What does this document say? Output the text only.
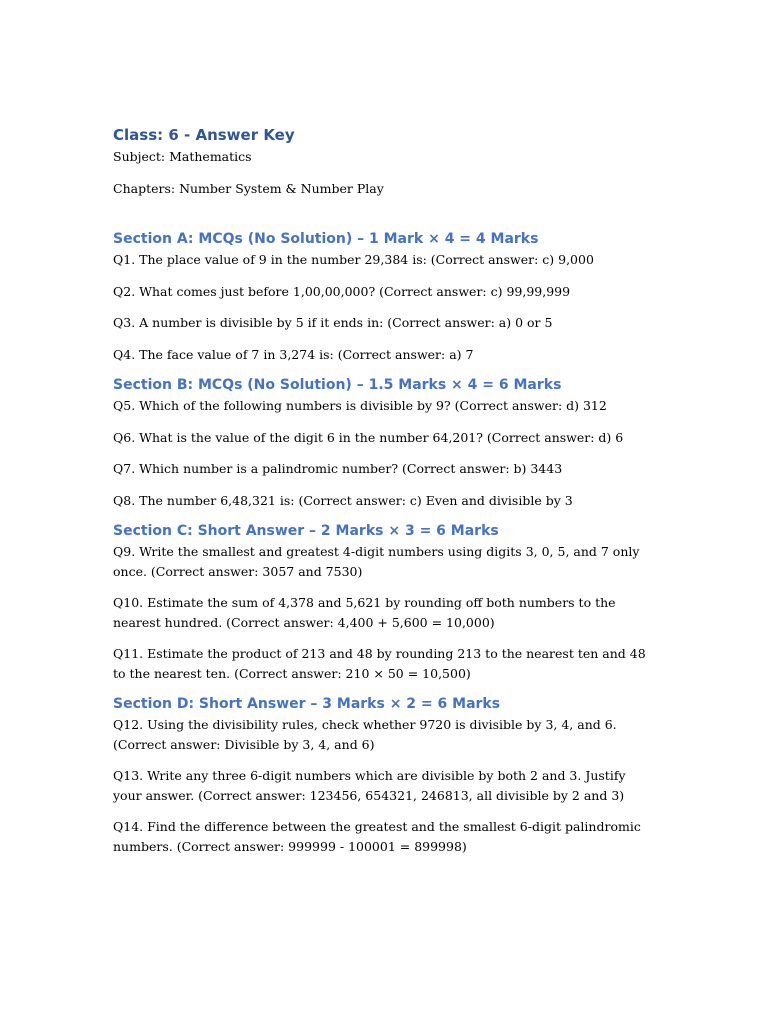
Class: 6 - Answer Key

Subject: Mathematics

Chapters: Number System & Number Play

Section A: MCQs (No Solution) – 1 Mark × 4 = 4 Marks

Q1. The place value of 9 in the number 29,384 is: (Correct answer: c) 9,000

Q2. What comes just before 1,00,00,000? (Correct answer: c) 99,99,999

Q3. A number is divisible by 5 if it ends in: (Correct answer: a) 0 or 5

Q4. The face value of 7 in 3,274 is: (Correct answer: a) 7

Section B: MCQs (No Solution) – 1.5 Marks × 4 = 6 Marks

Q5. Which of the following numbers is divisible by 9? (Correct answer: d) 312

Q6. What is the value of the digit 6 in the number 64,201? (Correct answer: d) 6

Q7. Which number is a palindromic number? (Correct answer: b) 3443

Q8. The number 6,48,321 is: (Correct answer: c) Even and divisible by 3

Section C: Short Answer – 2 Marks × 3 = 6 Marks

Q9. Write the smallest and greatest 4-digit numbers using digits 3, 0, 5, and 7 only once. (Correct answer: 3057 and 7530)

Q10. Estimate the sum of 4,378 and 5,621 by rounding off both numbers to the nearest hundred. (Correct answer: 4,400 + 5,600 = 10,000)

Q11. Estimate the product of 213 and 48 by rounding 213 to the nearest ten and 48 to the nearest ten. (Correct answer: 210 × 50 = 10,500)

Section D: Short Answer – 3 Marks × 2 = 6 Marks

Q12. Using the divisibility rules, check whether 9720 is divisible by 3, 4, and 6. (Correct answer: Divisible by 3, 4, and 6)

Q13. Write any three 6-digit numbers which are divisible by both 2 and 3. Justify your answer. (Correct answer: 123456, 654321, 246813, all divisible by 2 and 3)

Q14. Find the difference between the greatest and the smallest 6-digit palindromic numbers. (Correct answer: 999999 - 100001 = 899998)
